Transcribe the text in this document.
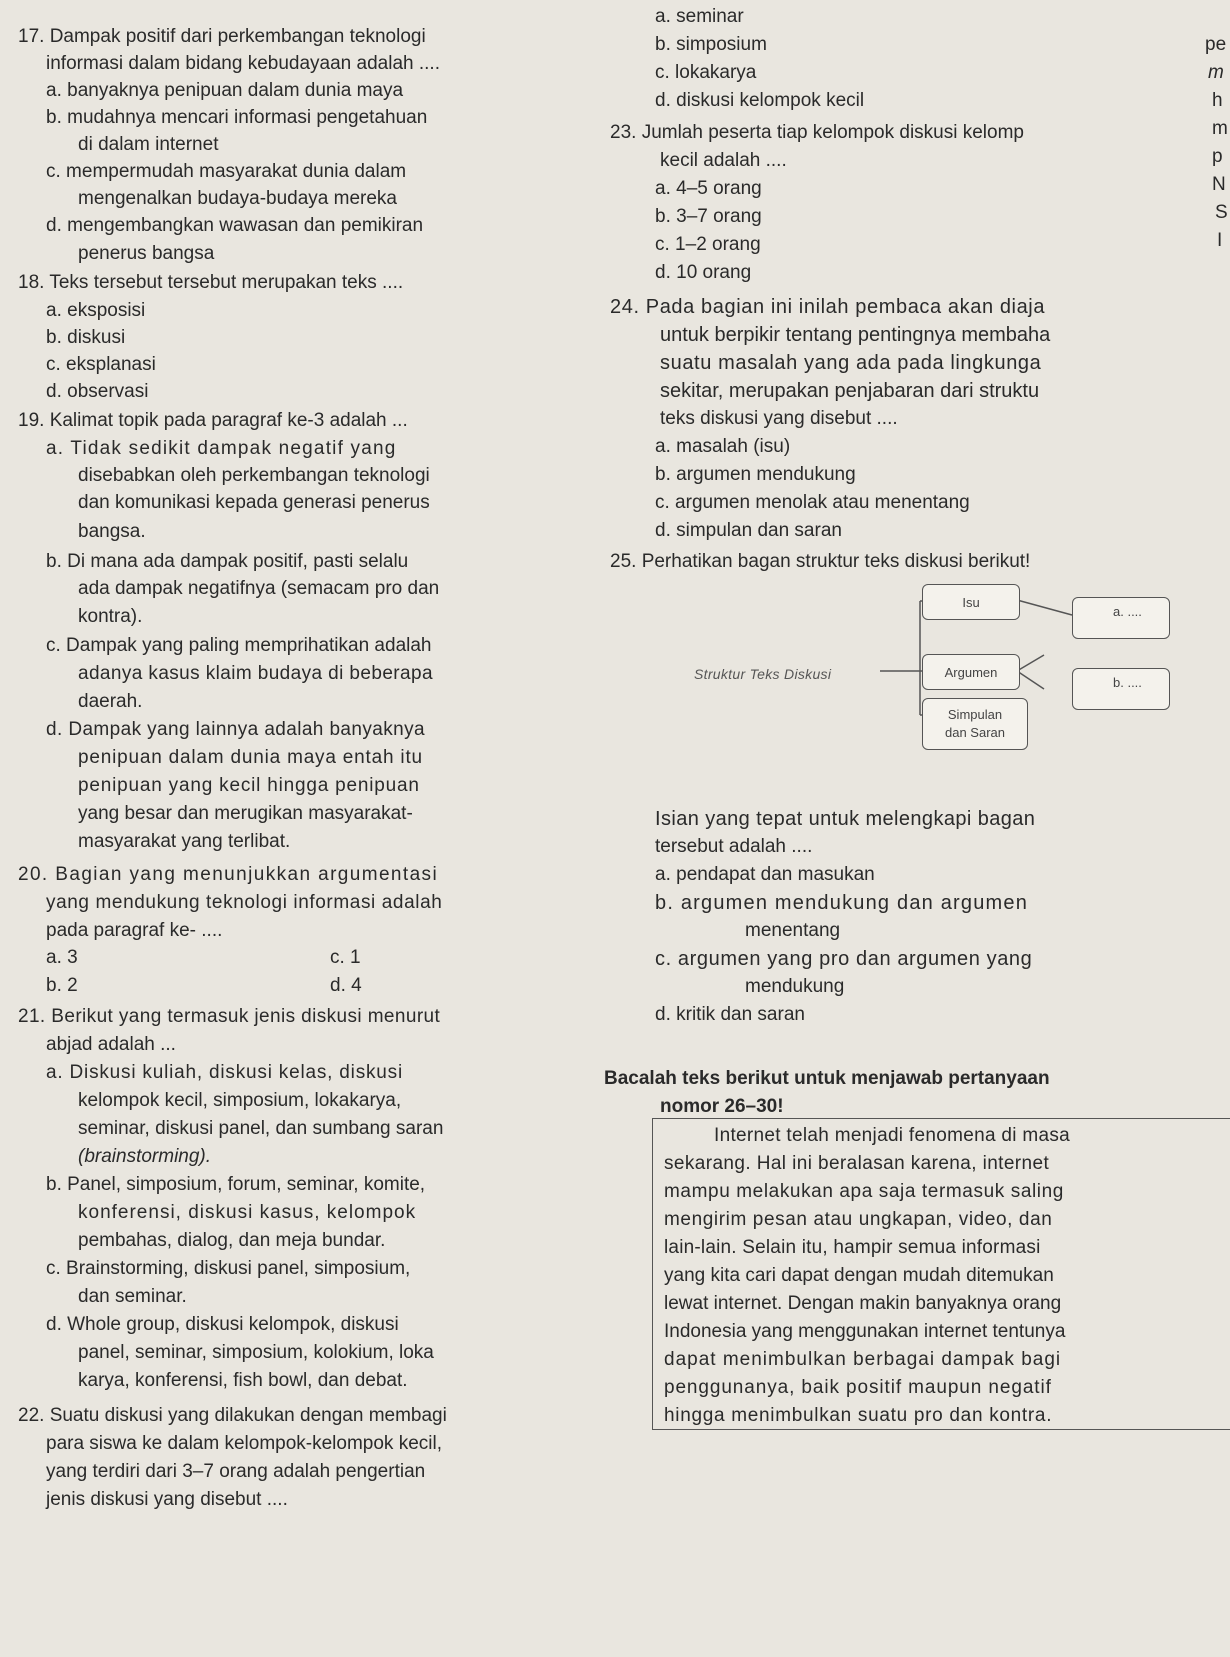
17. Dampak positif dari perkembangan teknologi
informasi dalam bidang kebudayaan adalah ....
a. banyaknya penipuan dalam dunia maya
b. mudahnya mencari informasi pengetahuan
di dalam internet
c. mempermudah masyarakat dunia dalam
mengenalkan budaya-budaya mereka
d. mengembangkan wawasan dan pemikiran
penerus bangsa
18. Teks tersebut tersebut merupakan teks ....
a. eksposisi
b. diskusi
c. eksplanasi
d. observasi
19. Kalimat topik pada paragraf ke-3 adalah ...
a. Tidak sedikit dampak negatif yang
disebabkan oleh perkembangan teknologi
dan komunikasi kepada generasi penerus
bangsa.
b. Di mana ada dampak positif, pasti selalu
ada dampak negatifnya (semacam pro dan
kontra).
c. Dampak yang paling memprihatikan adalah
adanya kasus klaim budaya di beberapa
daerah.
d. Dampak yang lainnya adalah banyaknya
penipuan dalam dunia maya entah itu
penipuan yang kecil hingga penipuan
yang besar dan merugikan masyarakat-
masyarakat yang terlibat.
20. Bagian yang menunjukkan argumentasi
yang mendukung teknologi informasi adalah
pada paragraf ke- ....
a. 3
b. 2
c. 1
d. 4
21. Berikut yang termasuk jenis diskusi menurut
abjad adalah ...
a. Diskusi kuliah, diskusi kelas, diskusi
kelompok kecil, simposium, lokakarya,
seminar, diskusi panel, dan sumbang saran
(brainstorming).
b. Panel, simposium, forum, seminar, komite,
konferensi, diskusi kasus, kelompok
pembahas, dialog, dan meja bundar.
c. Brainstorming, diskusi panel, simposium,
dan seminar.
d. Whole group, diskusi kelompok, diskusi
panel, seminar, simposium, kolokium, loka
karya, konferensi, fish bowl, dan debat.
22. Suatu diskusi yang dilakukan dengan membagi
para siswa ke dalam kelompok-kelompok kecil,
yang terdiri dari 3–7 orang adalah pengertian
jenis diskusi yang disebut ....
a. seminar
b. simposium
c. lokakarya
d. diskusi kelompok kecil
23. Jumlah peserta tiap kelompok diskusi kelomp
kecil adalah ....
a. 4–5 orang
b. 3–7 orang
c. 1–2 orang
d. 10 orang
24. Pada bagian ini inilah pembaca akan diaja
untuk berpikir tentang pentingnya membaha
suatu masalah yang ada pada lingkunga
sekitar, merupakan penjabaran dari struktu
teks diskusi yang disebut ....
a. masalah (isu)
b. argumen mendukung
c. argumen menolak atau menentang
d. simpulan dan saran
25. Perhatikan bagan struktur teks diskusi berikut!
Struktur Teks Diskusi
Isu
a. ....
Argumen
b. ....
Simpulan
dan Saran
Isian yang tepat untuk melengkapi bagan
tersebut adalah ....
a. pendapat dan masukan
b. argumen mendukung dan argumen
menentang
c. argumen yang pro dan argumen yang
mendukung
d. kritik dan saran
Bacalah teks berikut untuk menjawab pertanyaan
nomor 26–30!
Internet telah menjadi fenomena di masa
sekarang. Hal ini beralasan karena, internet
mampu melakukan apa saja termasuk saling
mengirim pesan atau ungkapan, video, dan
lain-lain. Selain itu, hampir semua informasi
yang kita cari dapat dengan mudah ditemukan
lewat internet. Dengan makin banyaknya orang
Indonesia yang menggunakan internet tentunya
dapat menimbulkan berbagai dampak bagi
penggunanya, baik positif maupun negatif
hingga menimbulkan suatu pro dan kontra.
pe
m
h
m
p
N
S
I
